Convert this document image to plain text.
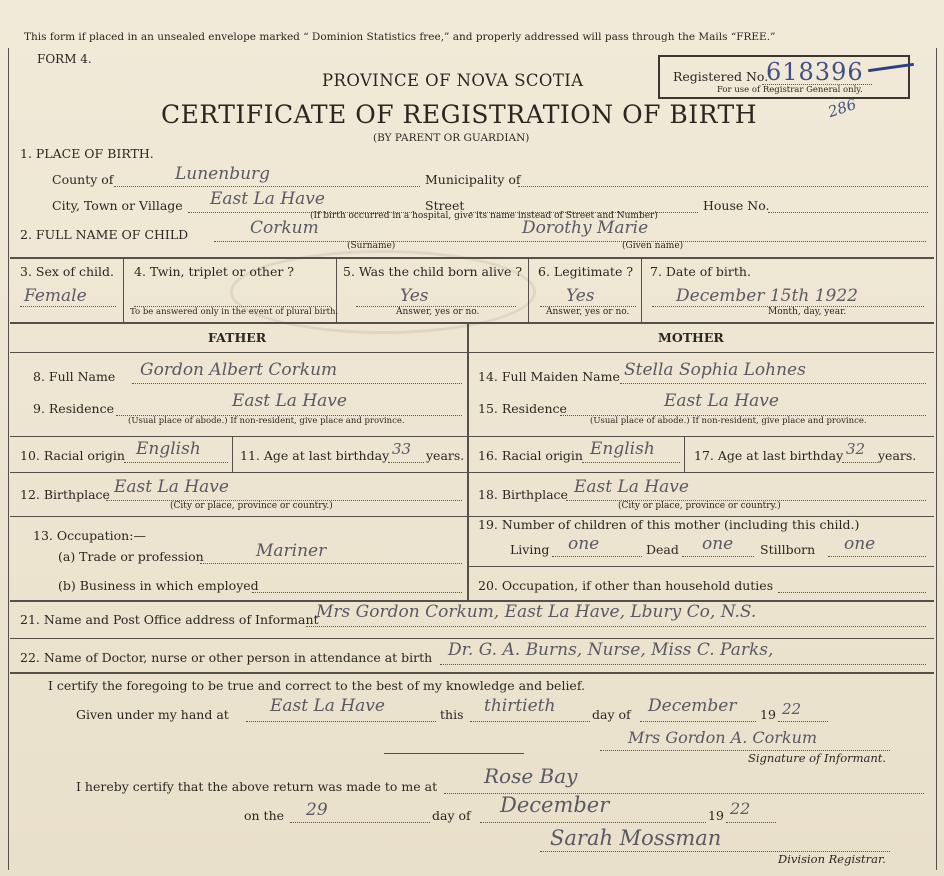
This form if placed in an unsealed envelope marked “ Dominion Statistics free,” and properly addressed will pass through the Mails “FREE.”
FORM 4.
PROVINCE OF NOVA SCOTIA
CERTIFICATE OF REGISTRATION OF BIRTH
(BY PARENT OR GUARDIAN)
Registered No.
618396
For use of Registrar General only.
286
1. PLACE OF BIRTH.
County of	Lunenburg	Municipality of
City, Town or Village East La Have	Street	House No.
(If birth occurred in a hospital, give its name instead of Street and Number)
2. FULL NAME OF CHILD	Corkum
(Surname)
Dorothy Marie
(Given name)
3. Sex of child.
Female
4. Twin, triplet or other ?
To be answered only in the event of plural birth.
5. Was the child born alive ?
Yes
Answer, yes or no.
6. Legitimate ?
Yes
Answer, yes or no.
7. Date of birth.
December 15th 1922
Month, day, year.
FATHER	MOTHER
8. Full Name Gordon Albert Corkum
9. Residence	East La Have
(Usual place of abode.) If non-resident, give place and province.
10. Racial origin English	11. Age at last birthday 33 years.
12. Birthplace East La Have
(City or place, province or country.)
13. Occupation:—
(a) Trade or profession	Mariner
(b) Business in which employed
14. Full Maiden Name Stella Sophia Lohnes
15. Residence	East La Have
(Usual place of abode.) If non-resident, give place and province.
16. Racial origin English	17. Age at last birthday 32 years.
18. Birthplace East La Have
(City or place, province or country.)
19. Number of children of this mother (including this child.)
Living one	Dead one Stillborn one
20. Occupation, if other than household duties
21. Name and Post Office address of Informant
Mrs Gordon Corkum, East La Have, Lbury Co, N.S.
22. Name of Doctor, nurse or other person in attendance at birth Dr. G. A. Burns, Nurse, Miss C. Parks,
I certify the foregoing to be true and correct to the best of my knowledge and belief.
Given under my hand at East La Have	this thirtieth	day of December 19 22
Mrs Gordon A. Corkum
Signature of Informant.
I hereby certify that the above return was made to me at Rose Bay
on the 29	day of December	19 22
Sarah Mossman
Division Registrar.
